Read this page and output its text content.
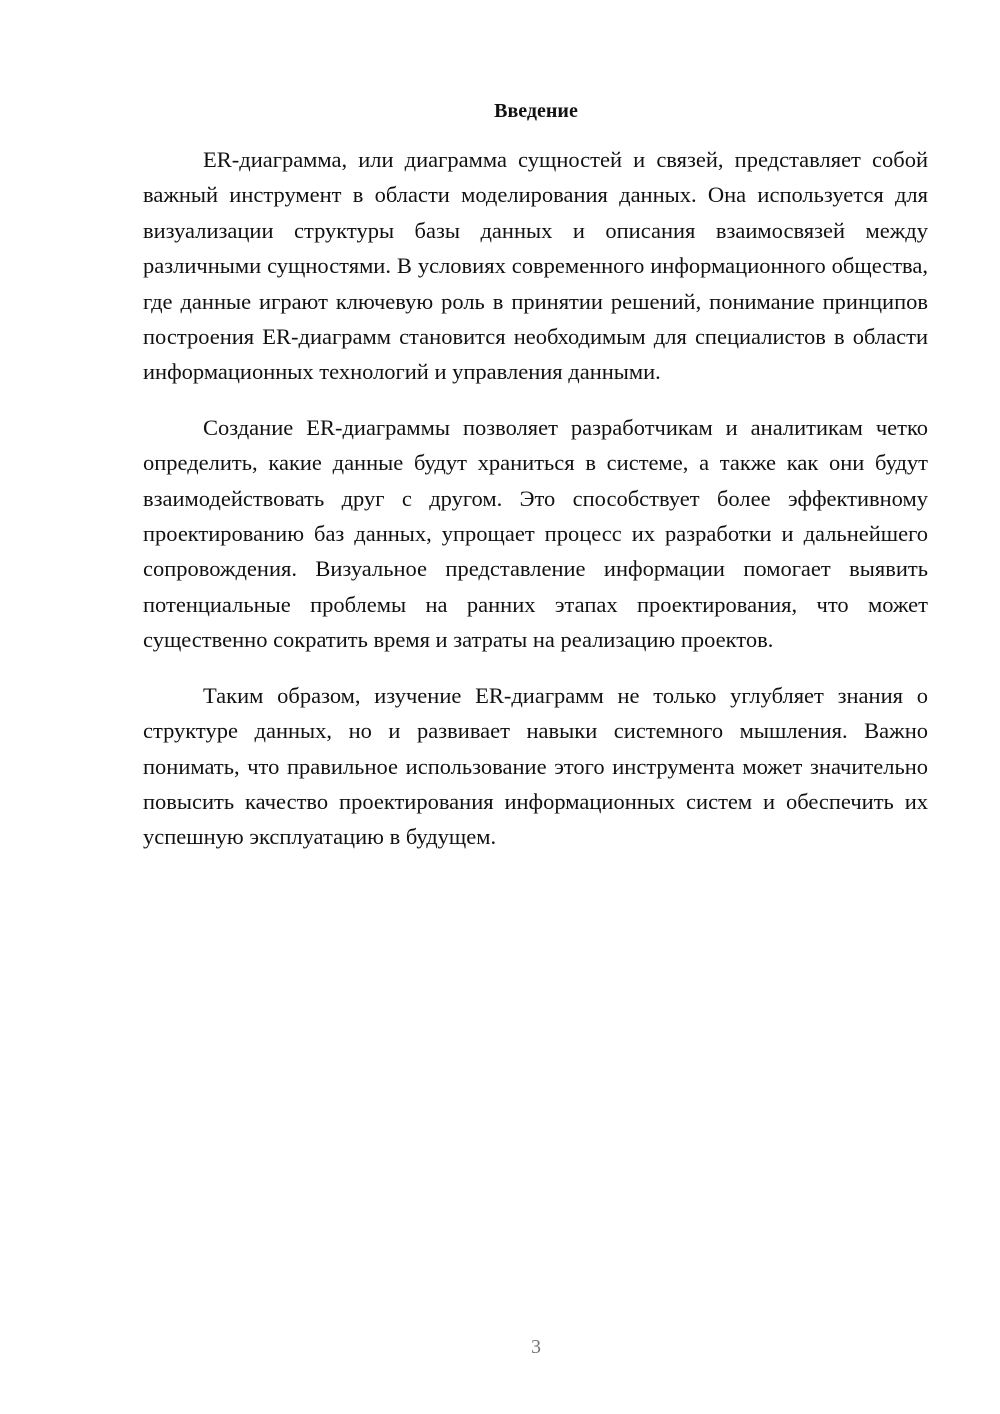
Введение

ER-диаграмма, или диаграмма сущностей и связей, представляет собой важный инструмент в области моделирования данных. Она используется для визуализации структуры базы данных и описания взаимосвязей между различными сущностями. В условиях современного информационного общества, где данные играют ключевую роль в принятии решений, понимание принципов построения ER-диаграмм становится необходимым для специалистов в области информационных технологий и управления данными.

Создание ER-диаграммы позволяет разработчикам и аналитикам четко определить, какие данные будут храниться в системе, а также как они будут взаимодействовать друг с другом. Это способствует более эффективному проектированию баз данных, упрощает процесс их разработки и дальнейшего сопровождения. Визуальное представление информации помогает выявить потенциальные проблемы на ранних этапах проектирования, что может существенно сократить время и затраты на реализацию проектов.

Таким образом, изучение ER-диаграмм не только углубляет знания о структуре данных, но и развивает навыки системного мышления. Важно понимать, что правильное использование этого инструмента может значительно повысить качество проектирования информационных систем и обеспечить их успешную эксплуатацию в будущем.

3
